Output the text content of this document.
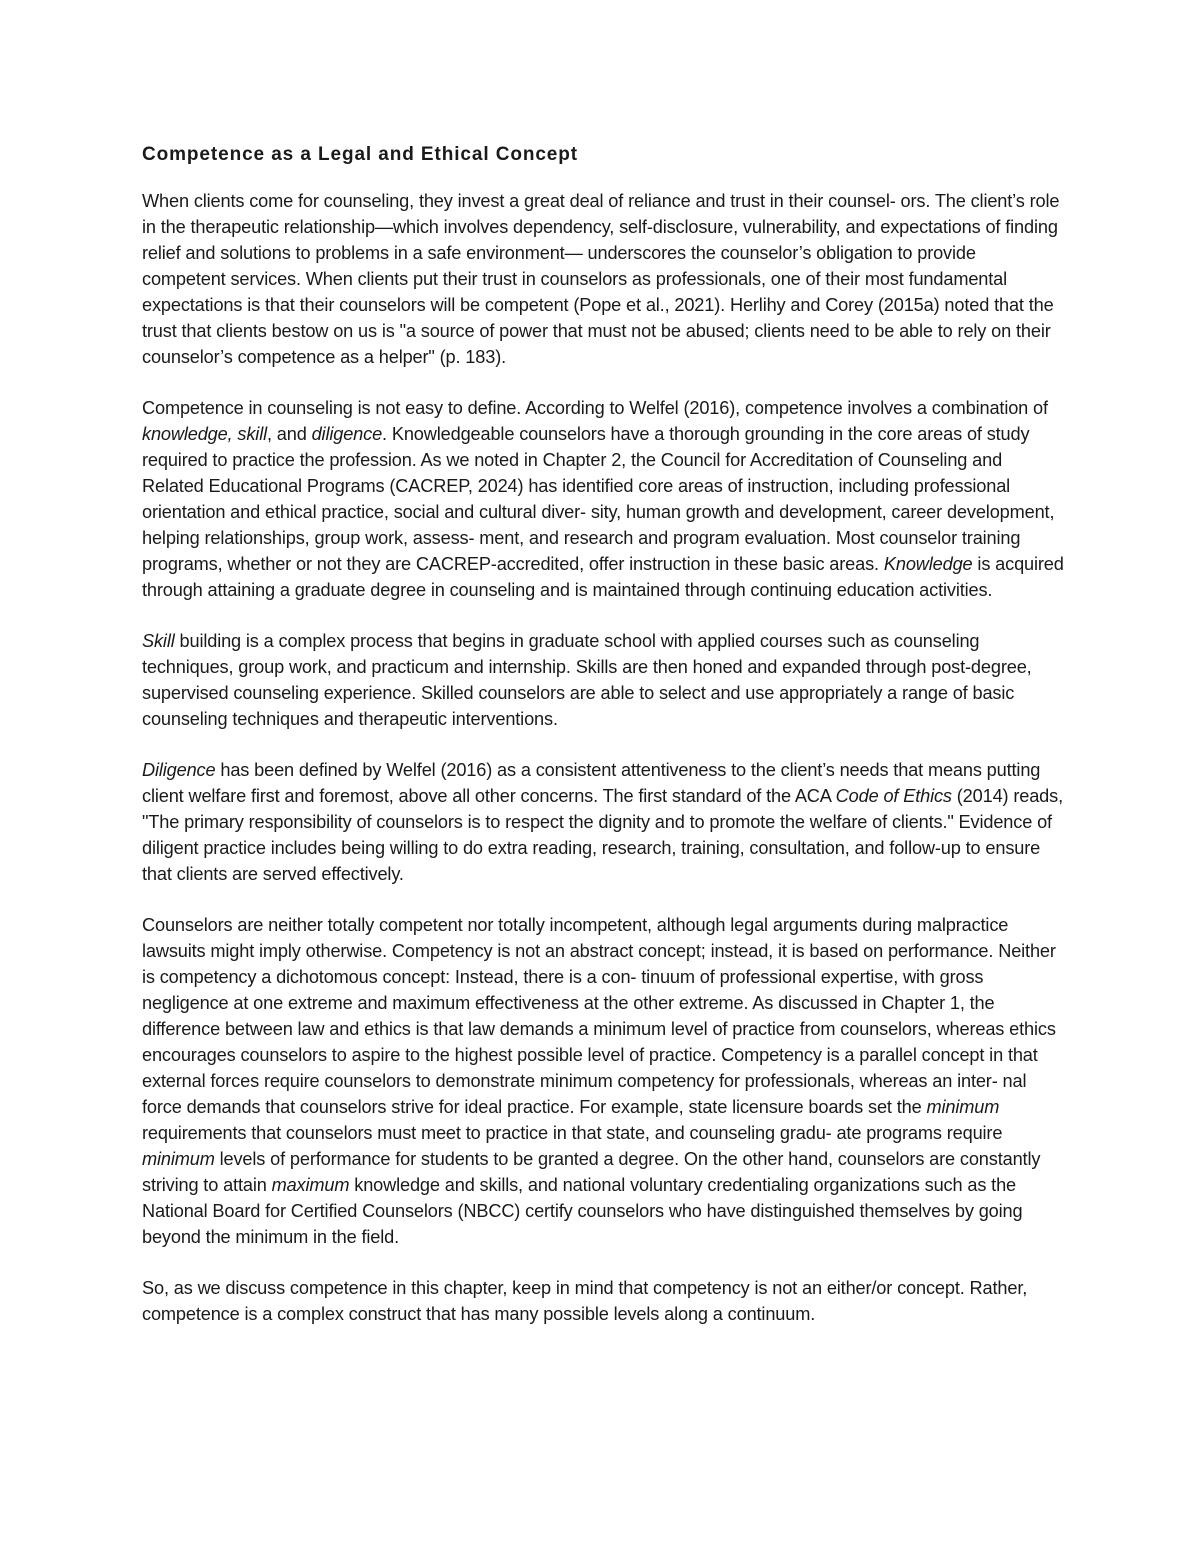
Competence as a Legal and Ethical Concept

When clients come for counseling, they invest a great deal of reliance and trust in their counsel- ors. The client’s role in the therapeutic relationship—which involves dependency, self-disclosure, vulnerability, and expectations of finding relief and solutions to problems in a safe environment— underscores the counselor’s obligation to provide competent services. When clients put their trust in counselors as professionals, one of their most fundamental expectations is that their counselors will be competent (Pope et al., 2021). Herlihy and Corey (2015a) noted that the trust that clients bestow on us is "a source of power that must not be abused; clients need to be able to rely on their counselor’s competence as a helper" (p. 183).

Competence in counseling is not easy to define. According to Welfel (2016), competence involves a combination of knowledge, skill, and diligence. Knowledgeable counselors have a thorough grounding in the core areas of study required to practice the profession. As we noted in Chapter 2, the Council for Accreditation of Counseling and Related Educational Programs (CACREP, 2024) has identified core areas of instruction, including professional orientation and ethical practice, social and cultural diver- sity, human growth and development, career development, helping relationships, group work, assess- ment, and research and program evaluation. Most counselor training programs, whether or not they are CACREP-accredited, offer instruction in these basic areas. Knowledge is acquired through attaining a graduate degree in counseling and is maintained through continuing education activities.

Skill building is a complex process that begins in graduate school with applied courses such as counseling techniques, group work, and practicum and internship. Skills are then honed and expanded through post-degree, supervised counseling experience. Skilled counselors are able to select and use appropriately a range of basic counseling techniques and therapeutic interventions.

Diligence has been defined by Welfel (2016) as a consistent attentiveness to the client’s needs that means putting client welfare first and foremost, above all other concerns. The first standard of the ACA Code of Ethics (2014) reads, "The primary responsibility of counselors is to respect the dignity and to promote the welfare of clients." Evidence of diligent practice includes being willing to do extra reading, research, training, consultation, and follow-up to ensure that clients are served effectively.

Counselors are neither totally competent nor totally incompetent, although legal arguments during malpractice lawsuits might imply otherwise. Competency is not an abstract concept; instead, it is based on performance. Neither is competency a dichotomous concept: Instead, there is a con- tinuum of professional expertise, with gross negligence at one extreme and maximum effectiveness at the other extreme. As discussed in Chapter 1, the difference between law and ethics is that law demands a minimum level of practice from counselors, whereas ethics encourages counselors to aspire to the highest possible level of practice. Competency is a parallel concept in that external forces require counselors to demonstrate minimum competency for professionals, whereas an inter- nal force demands that counselors strive for ideal practice. For example, state licensure boards set the minimum requirements that counselors must meet to practice in that state, and counseling gradu- ate programs require minimum levels of performance for students to be granted a degree. On the other hand, counselors are constantly striving to attain maximum knowledge and skills, and national voluntary credentialing organizations such as the National Board for Certified Counselors (NBCC) certify counselors who have distinguished themselves by going beyond the minimum in the field.

So, as we discuss competence in this chapter, keep in mind that competency is not an either/or concept. Rather, competence is a complex construct that has many possible levels along a continuum.
